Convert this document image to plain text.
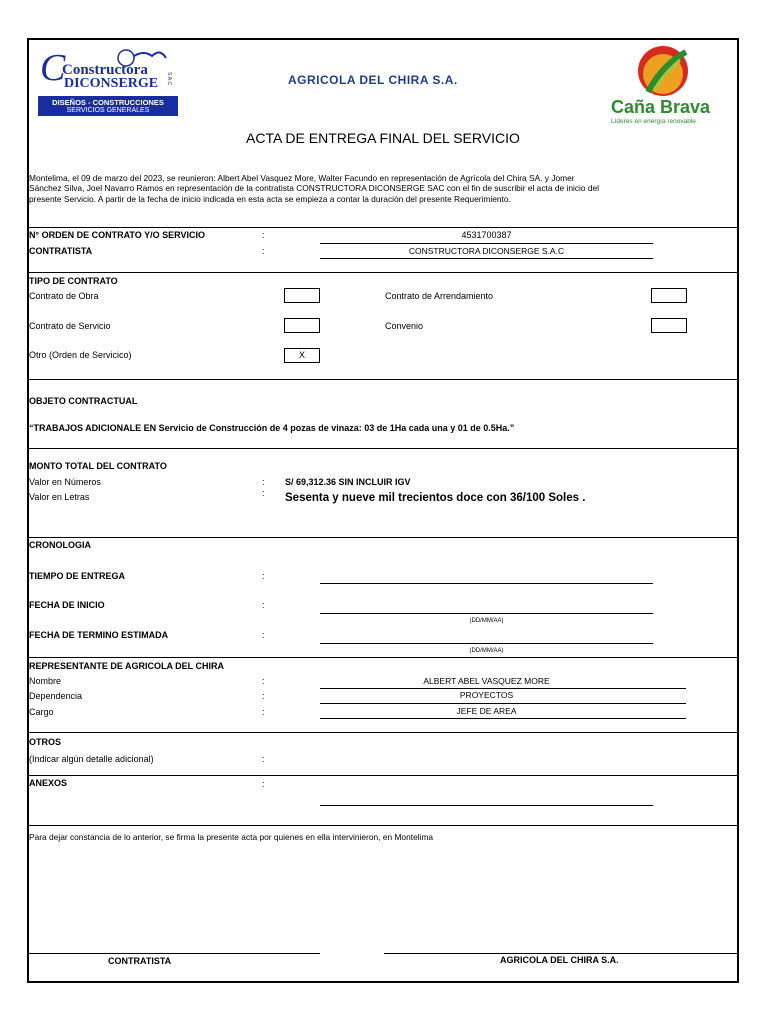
C
Constructora
DICONSERGE S.A.C
DISEÑOS - CONSTRUCCIONES
SERVICIOS GENERALES
AGRICOLA DEL CHIRA S.A.
Caña Brava
Líderes en energía renovable
ACTA DE ENTREGA FINAL DEL SERVICIO
Montelima, el 09 de marzo del 2023, se reunieron: Albert Abel Vasquez More, Walter Facundo en representación de Agrícola del Chira SA. y Jomer
Sánchez Silva, Joel Navarro Ramos en representación de la contratista CONSTRUCTORA DICONSERGE SAC con el fin de suscribir el acta de inicio del
presente Servicio. A partir de la fecha de inicio indicada en esta acta se empieza a contar la duración del presente Requerimiento.
N° ORDEN DE CONTRATO Y/O SERVICIO	:	4531700387
CONTRATISTA	:	CONSTRUCTORA DICONSERGE S.A.C
TIPO DE CONTRATO
Contrato de Obra	Contrato de Arrendamiento
Contrato de Servicio	Convenio
Otro (Orden de Servicico)	X
OBJETO CONTRACTUAL
“TRABAJOS ADICIONALE EN Servicio de Construcción de 4 pozas de vinaza: 03 de 1Ha cada una y 01 de 0.5Ha.”
MONTO TOTAL DEL CONTRATO
Valor en Números	: S/ 69,312.36 SIN INCLUIR IGV
Valor en Letras	: Sesenta y nueve mil trecientos doce con 36/100 Soles .
CRONOLOGIA
TIEMPO DE ENTREGA	:
FECHA DE INICIO	:
(DD/MM/AA)
FECHA DE TERMINO ESTIMADA	:
(DD/MM/AA)
REPRESENTANTE DE AGRICOLA DEL CHIRA
Nombre	:	ALBERT ABEL VASQUEZ MORE
Dependencia	:	PROYECTOS
Cargo	:	JEFE DE AREA
OTROS
(Indicar algún detalle adicional)	:
ANEXOS	:
Para dejar constancia de lo anterior, se firma la presente acta por quienes en ella intervinieron, en Montelima
CONTRATISTA	AGRICOLA DEL CHIRA S.A.
